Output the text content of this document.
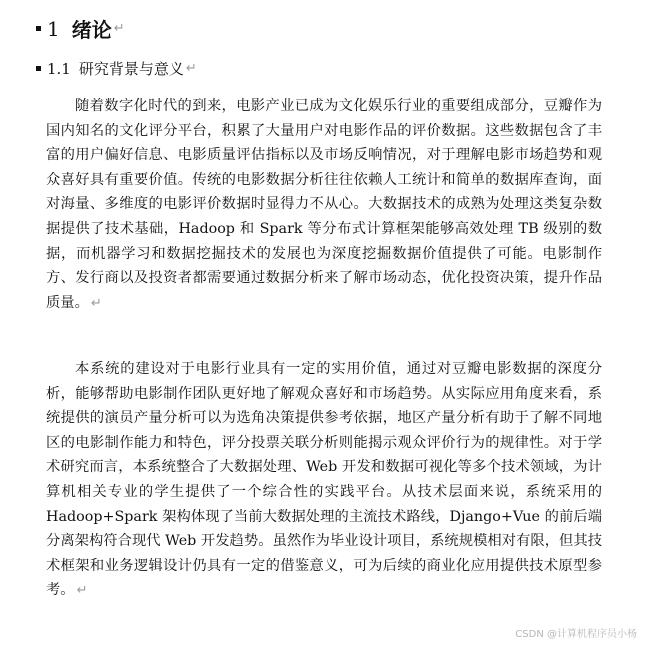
1 绪论 ↵
1.1 研究背景与意义 ↵

随着数字化时代的到来，电影产业已成为文化娱乐行业的重要组成部分，豆瓣作为国内知名的文化评分平台，积累了大量用户对电影作品的评价数据。这些数据包含了丰富的用户偏好信息、电影质量评估指标以及市场反响情况，对于理解电影市场趋势和观众喜好具有重要价值。传统的电影数据分析往往依赖人工统计和简单的数据库查询，面对海量、多维度的电影评价数据时显得力不从心。大数据技术的成熟为处理这类复杂数据提供了技术基础，Hadoop 和 Spark 等分布式计算框架能够高效处理 TB 级别的数据，而机器学习和数据挖掘技术的发展也为深度挖掘数据价值提供了可能。电影制作方、发行商以及投资者都需要通过数据分析来了解市场动态，优化投资决策，提升作品质量。 ↵

本系统的建设对于电影行业具有一定的实用价值，通过对豆瓣电影数据的深度分析，能够帮助电影制作团队更好地了解观众喜好和市场趋势。从实际应用角度来看，系统提供的演员产量分析可以为选角决策提供参考依据，地区产量分析有助于了解不同地区的电影制作能力和特色，评分投票关联分析则能揭示观众评价行为的规律性。对于学术研究而言，本系统整合了大数据处理、Web 开发和数据可视化等多个技术领域，为计算机相关专业的学生提供了一个综合性的实践平台。从技术层面来说，系统采用的 Hadoop+Spark 架构体现了当前大数据处理的主流技术路线，Django+Vue 的前后端分离架构符合现代 Web 开发趋势。虽然作为毕业设计项目，系统规模相对有限，但其技术框架和业务逻辑设计仍具有一定的借鉴意义，可为后续的商业化应用提供技术原型参考。 ↵

CSDN @计算机程序员小杨
